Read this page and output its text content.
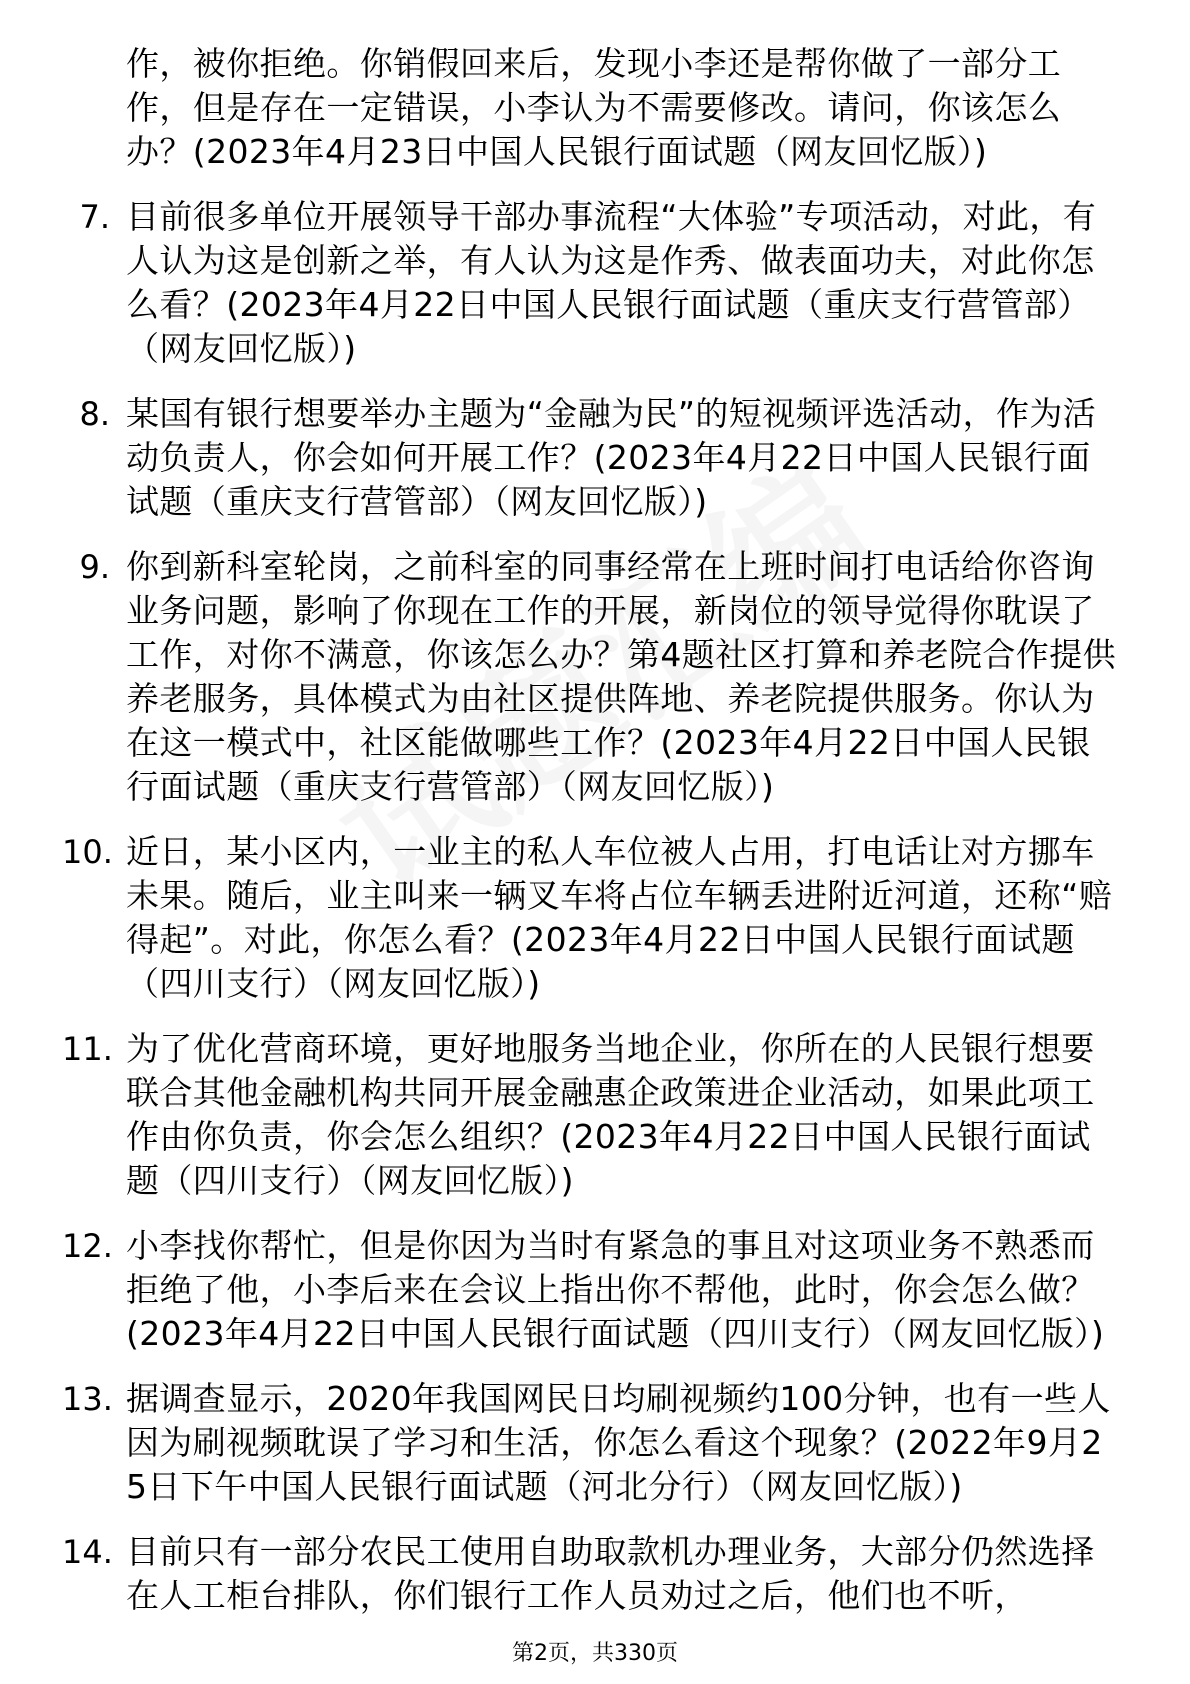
作，被你拒绝。你销假回来后，发现小李还是帮你做了一部分工作，但是存在一定错误，小李认为不需要修改。请问，你该怎么办？(2023年4月23日中国人民银行面试题（网友回忆版）)

7. 目前很多单位开展领导干部办事流程“大体验”专项活动，对此，有人认为这是创新之举，有人认为这是作秀、做表面功夫，对此你怎么看？(2023年4月22日中国人民银行面试题（重庆支行营管部）（网友回忆版）)
8. 某国有银行想要举办主题为“金融为民”的短视频评选活动，作为活动负责人，你会如何开展工作？(2023年4月22日中国人民银行面试题（重庆支行营管部）（网友回忆版）)
9. 你到新科室轮岗，之前科室的同事经常在上班时间打电话给你咨询业务问题，影响了你现在工作的开展，新岗位的领导觉得你耽误了工作，对你不满意，你该怎么办？第4题社区打算和养老院合作提供养老服务，具体模式为由社区提供阵地、养老院提供服务。你认为在这一模式中，社区能做哪些工作？(2023年4月22日中国人民银行面试题（重庆支行营管部）（网友回忆版）)
10. 近日，某小区内，一业主的私人车位被人占用，打电话让对方挪车未果。随后，业主叫来一辆叉车将占位车辆丢进附近河道，还称“赔得起”。对此，你怎么看？(2023年4月22日中国人民银行面试题（四川支行）（网友回忆版）)
11. 为了优化营商环境，更好地服务当地企业，你所在的人民银行想要联合其他金融机构共同开展金融惠企政策进企业活动，如果此项工作由你负责，你会怎么组织？(2023年4月22日中国人民银行面试题（四川支行）（网友回忆版）)
12. 小李找你帮忙，但是你因为当时有紧急的事且对这项业务不熟悉而拒绝了他，小李后来在会议上指出你不帮他，此时，你会怎么做？(2023年4月22日中国人民银行面试题（四川支行）（网友回忆版）)
13. 据调查显示，2020年我国网民日均刷视频约100分钟，也有一些人因为刷视频耽误了学习和生活，你怎么看这个现象？(2022年9月25日下午中国人民银行面试题（河北分行）（网友回忆版）)
14. 目前只有一部分农民工使用自助取款机办理业务，大部分仍然选择在人工柜台排队，你们银行工作人员劝过之后，他们也不听，
第2页，共330页
